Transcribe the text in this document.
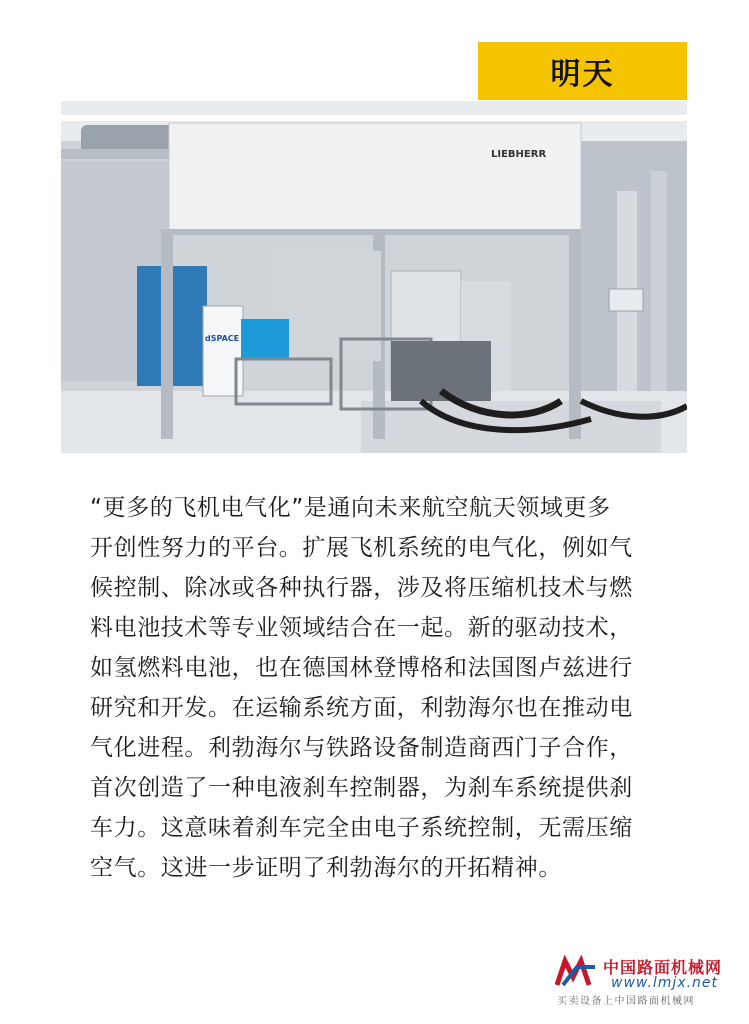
明天
LIEBHERR
dSPACE

“更多的飞机电气化”是通向未来航空航天领域更多

开创性努力的平台。扩展飞机系统的电气化，例如气

候控制、除冰或各种执行器，涉及将压缩机技术与燃

料电池技术等专业领域结合在一起。新的驱动技术，

如氢燃料电池，也在德国林登博格和法国图卢兹进行

研究和开发。在运输系统方面，利勃海尔也在推动电

气化进程。利勃海尔与铁路设备制造商西门子合作，

首次创造了一种电液刹车控制器，为刹车系统提供刹

车力。这意味着刹车完全由电子系统控制，无需压缩

空气。这进一步证明了利勃海尔的开拓精神。

中国路面机械网
www.lmjx.net
买卖设备上中国路面机械网
